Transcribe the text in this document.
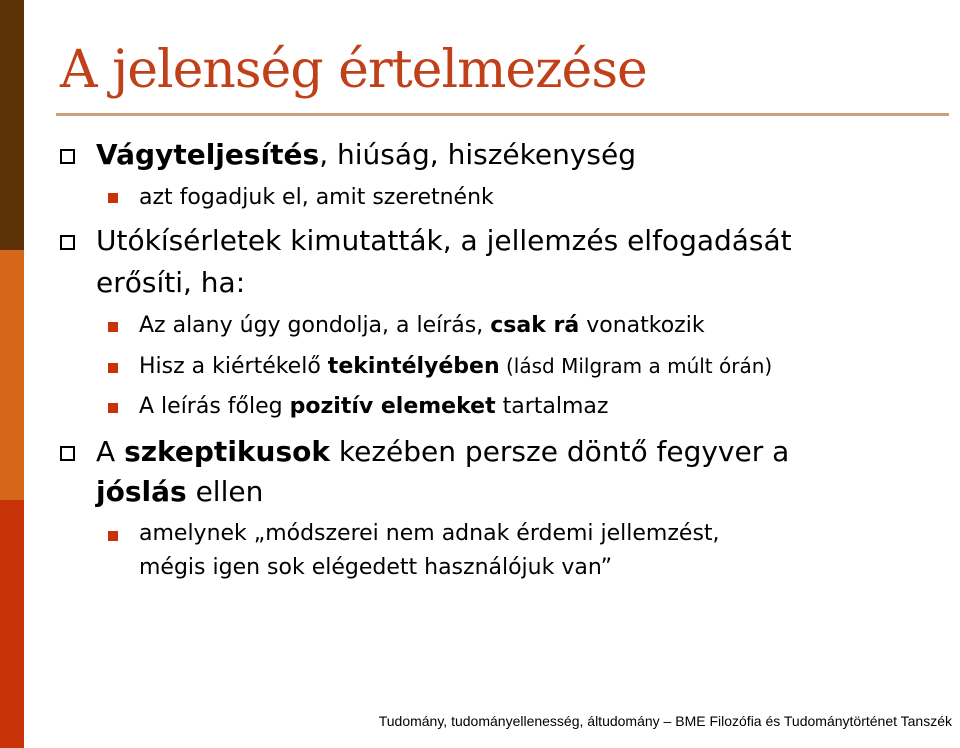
A jelenség értelmezése
Vágyteljesítés, hiúság, hiszékenység
azt fogadjuk el, amit szeretnénk
Utókísérletek kimutatták, a jellemzés elfogadását
erősíti, ha:
Az alany úgy gondolja, a leírás, csak rá vonatkozik
Hisz a kiértékelő tekintélyében (lásd Milgram a múlt órán)
A leírás főleg pozitív elemeket tartalmaz
A szkeptikusok kezében persze döntő fegyver a
jóslás ellen
amelynek „módszerei nem adnak érdemi jellemzést,
mégis igen sok elégedett használójuk van”
Tudomány, tudományellenesség, áltudomány – BME Filozófia és Tudománytörténet Tanszék
